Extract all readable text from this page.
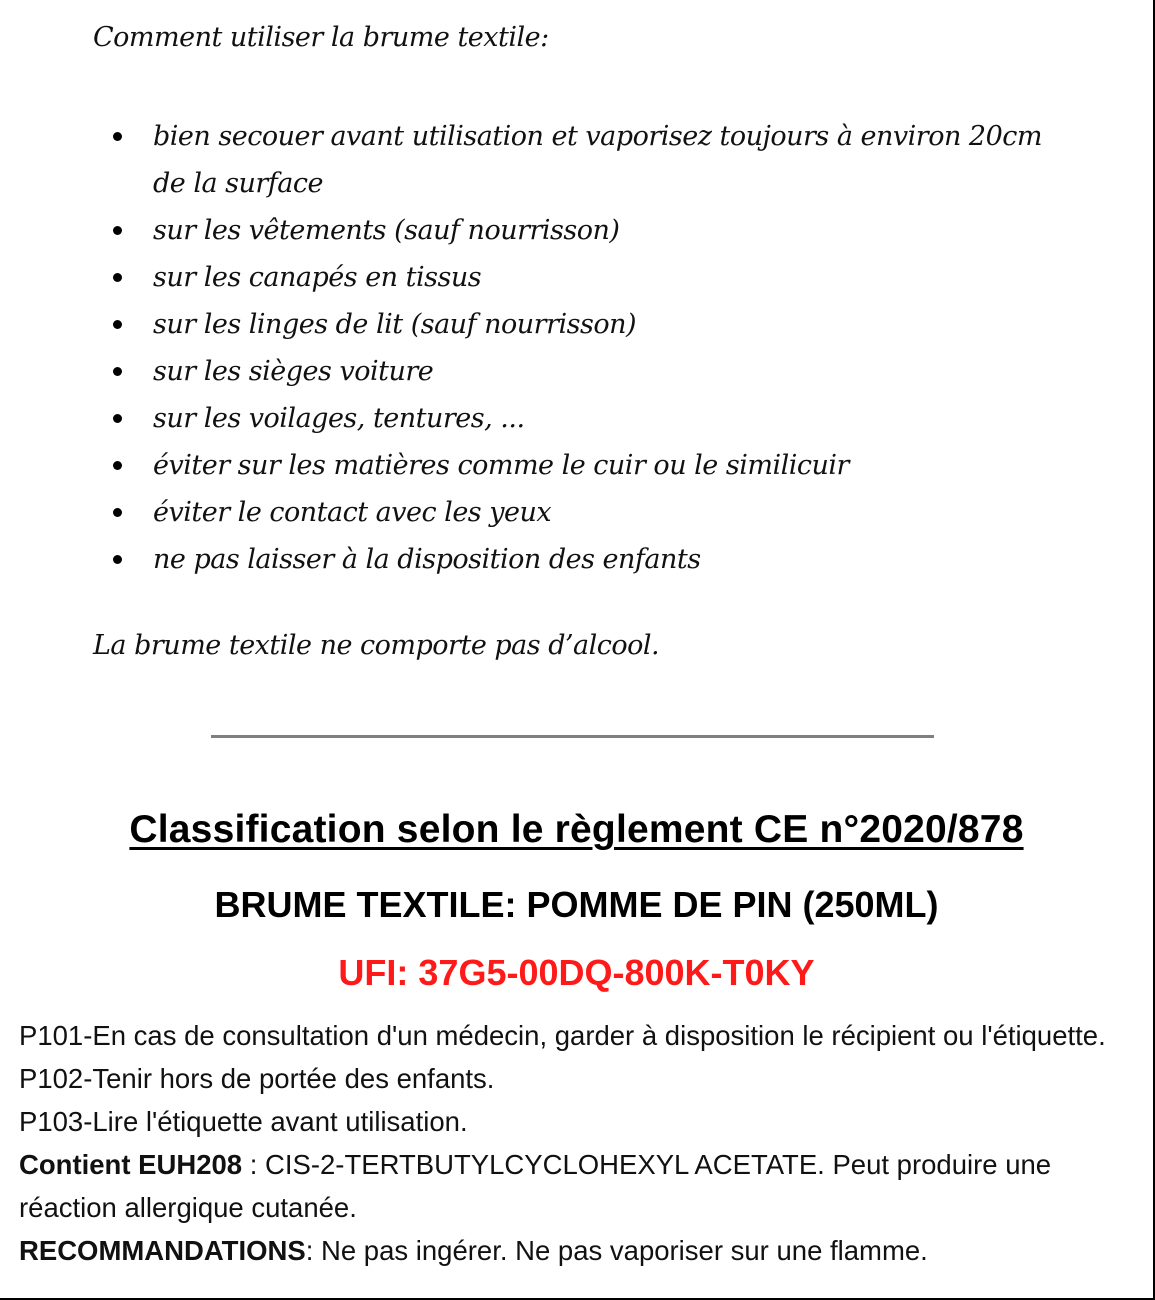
Comment utiliser la brume textile:
bien secouer avant utilisation et vaporisez toujours à environ 20cm de la surface
sur les vêtements (sauf nourrisson)
sur les canapés en tissus
sur les linges de lit (sauf nourrisson)
sur les sièges voiture
sur les voilages, tentures, ...
éviter sur les matières comme le cuir ou le similicuir
éviter le contact avec les yeux
ne pas laisser à la disposition des enfants

La brume textile ne comporte pas d’alcool.

Classification selon le règlement CE n°2020/878
BRUME TEXTILE: POMME DE PIN (250ML)
UFI: 37G5-00DQ-800K-T0KY

P101-En cas de consultation d'un médecin, garder à disposition le récipient ou l'étiquette. P102-Tenir hors de portée des enfants.

P103-Lire l'étiquette avant utilisation.

Contient EUH208 : CIS-2-TERTBUTYLCYCLOHEXYL ACETATE. Peut produire une réaction allergique cutanée.

RECOMMANDATIONS: Ne pas ingérer. Ne pas vaporiser sur une flamme.
